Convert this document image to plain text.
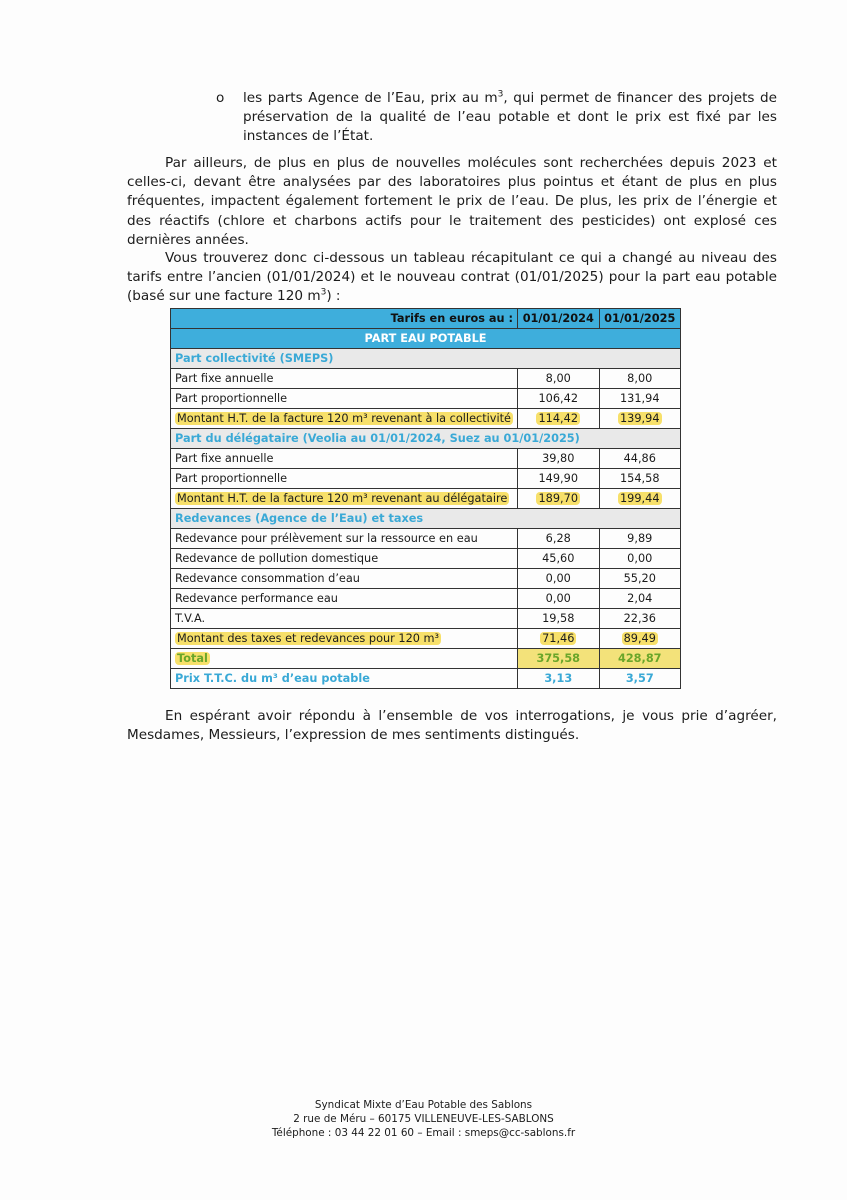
o les parts Agence de l’Eau, prix au $m^3$, qui permet de financer des projets de préservation de la qualité de l’eau potable et dont le prix est fixé par les instances de l’État.
Par ailleurs, de plus en plus de nouvelles molécules sont recherchées depuis 2023 et celles-ci, devant être analysées par des laboratoires plus pointus et étant de plus en plus fréquentes, impactent également fortement le prix de l’eau. De plus, les prix de l’énergie et des réactifs (chlore et charbons actifs pour le traitement des pesticides) ont explosé ces dernières années.
Vous trouverez donc ci-dessous un tableau récapitulant ce qui a changé au niveau des tarifs entre l’ancien (01/01/2024) et le nouveau contrat (01/01/2025) pour la part eau potable (basé sur une facture 120 $m^3$) :
Tarifs en euros au :	01/01/2024	01/01/2025
PART EAU POTABLE		
Part collectivité (SMEPS)		
Part fixe annuelle	8,00	8,00
Part proportionnelle	106,42	131,94
Montant H.T. de la facture 120 m³ revenant à la collectivité	114,42	139,94
Part du délégataire (Veolia au 01/01/2024, Suez au 01/01/2025)		
Part fixe annuelle	39,80	44,86
Part proportionnelle	149,90	154,58
Montant H.T. de la facture 120 m³ revenant au délégataire	189,70	199,44
Redevances (Agence de l’Eau) et taxes		
Redevance pour prélèvement sur la ressource en eau	6,28	9,89
Redevance de pollution domestique	45,60	0,00
Redevance consommation d’eau	0,00	55,20
Redevance performance eau	0,00	2,04
T.V.A.	19,58	22,36
Montant des taxes et redevances pour 120 m³	71,46	89,49
Total	375,58	428,87
Prix T.T.C. du m³ d’eau potable	3,13	3,57
En espérant avoir répondu à l’ensemble de vos interrogations, je vous prie d’agréer, Mesdames, Messieurs, l’expression de mes sentiments distingués.
Syndicat Mixte d’Eau Potable des Sablons
2 rue de Méru – 60175 VILLENEUVE-LES-SABLONS
Téléphone : 03 44 22 01 60 – Email : smeps@cc-sablons.fr
